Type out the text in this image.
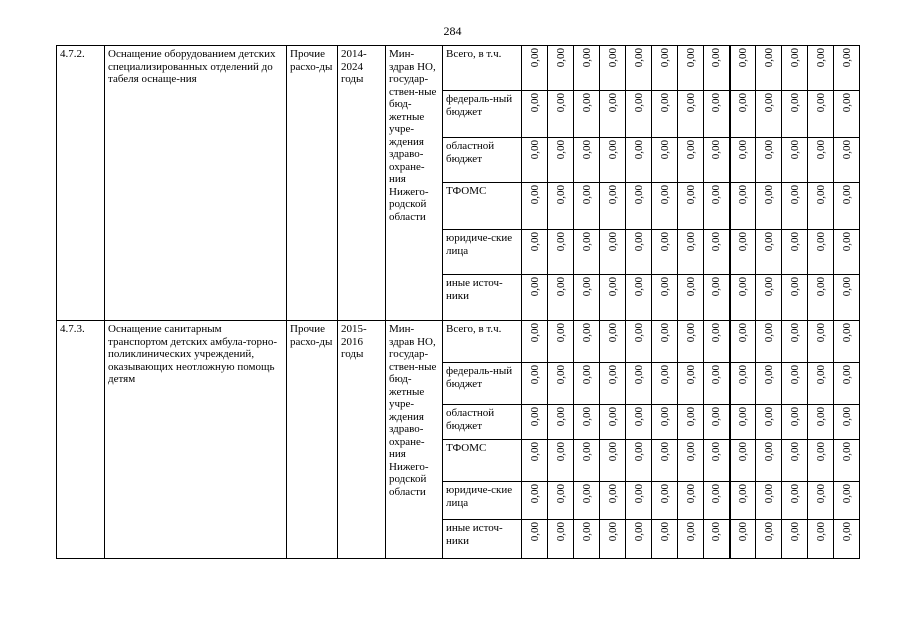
284
4.7.2.	Оснащение оборудованием детских специализированных отделений до табеля оснаще-ния	Прочие расхо-ды	2014-2024 годы	Мин-здрав НО, государ-ствен-ные бюд-жетные учре-ждения здраво-охране-ния Нижего-родской области	Всего, в т.ч.	0,00	0,00	0,00	0,00	0,00	0,00	0,00	0,00	0,00	0,00	0,00	0,00	0,00

					федераль-ный бюджет	0,00	0,00	0,00	0,00	0,00	0,00	0,00	0,00	0,00	0,00	0,00	0,00	0,00

					областной бюджет	0,00	0,00	0,00	0,00	0,00	0,00	0,00	0,00	0,00	0,00	0,00	0,00	0,00

					ТФОМС	0,00	0,00	0,00	0,00	0,00	0,00	0,00	0,00	0,00	0,00	0,00	0,00	0,00

					юридиче-ские лица	0,00	0,00	0,00	0,00	0,00	0,00	0,00	0,00	0,00	0,00	0,00	0,00	0,00

					иные источ-ники	0,00	0,00	0,00	0,00	0,00	0,00	0,00	0,00	0,00	0,00	0,00	0,00	0,00

4.7.3.	Оснащение санитарным транспортом детских амбула-торно-поликлинических учреждений, оказывающих неотложную помощь детям	Прочие расхо-ды	2015-2016 годы	Мин-здрав НО, государ-ствен-ные бюд-жетные учре-ждения здраво-охране-ния Нижего-родской области	Всего, в т.ч.	0,00	0,00	0,00	0,00	0,00	0,00	0,00	0,00	0,00	0,00	0,00	0,00	0,00

					федераль-ный бюджет	0,00	0,00	0,00	0,00	0,00	0,00	0,00	0,00	0,00	0,00	0,00	0,00	0,00

					областной бюджет	0,00	0,00	0,00	0,00	0,00	0,00	0,00	0,00	0,00	0,00	0,00	0,00	0,00

					ТФОМС	0,00	0,00	0,00	0,00	0,00	0,00	0,00	0,00	0,00	0,00	0,00	0,00	0,00

					юридиче-ские лица	0,00	0,00	0,00	0,00	0,00	0,00	0,00	0,00	0,00	0,00	0,00	0,00	0,00

					иные источ-ники	0,00	0,00	0,00	0,00	0,00	0,00	0,00	0,00	0,00	0,00	0,00	0,00	0,00
